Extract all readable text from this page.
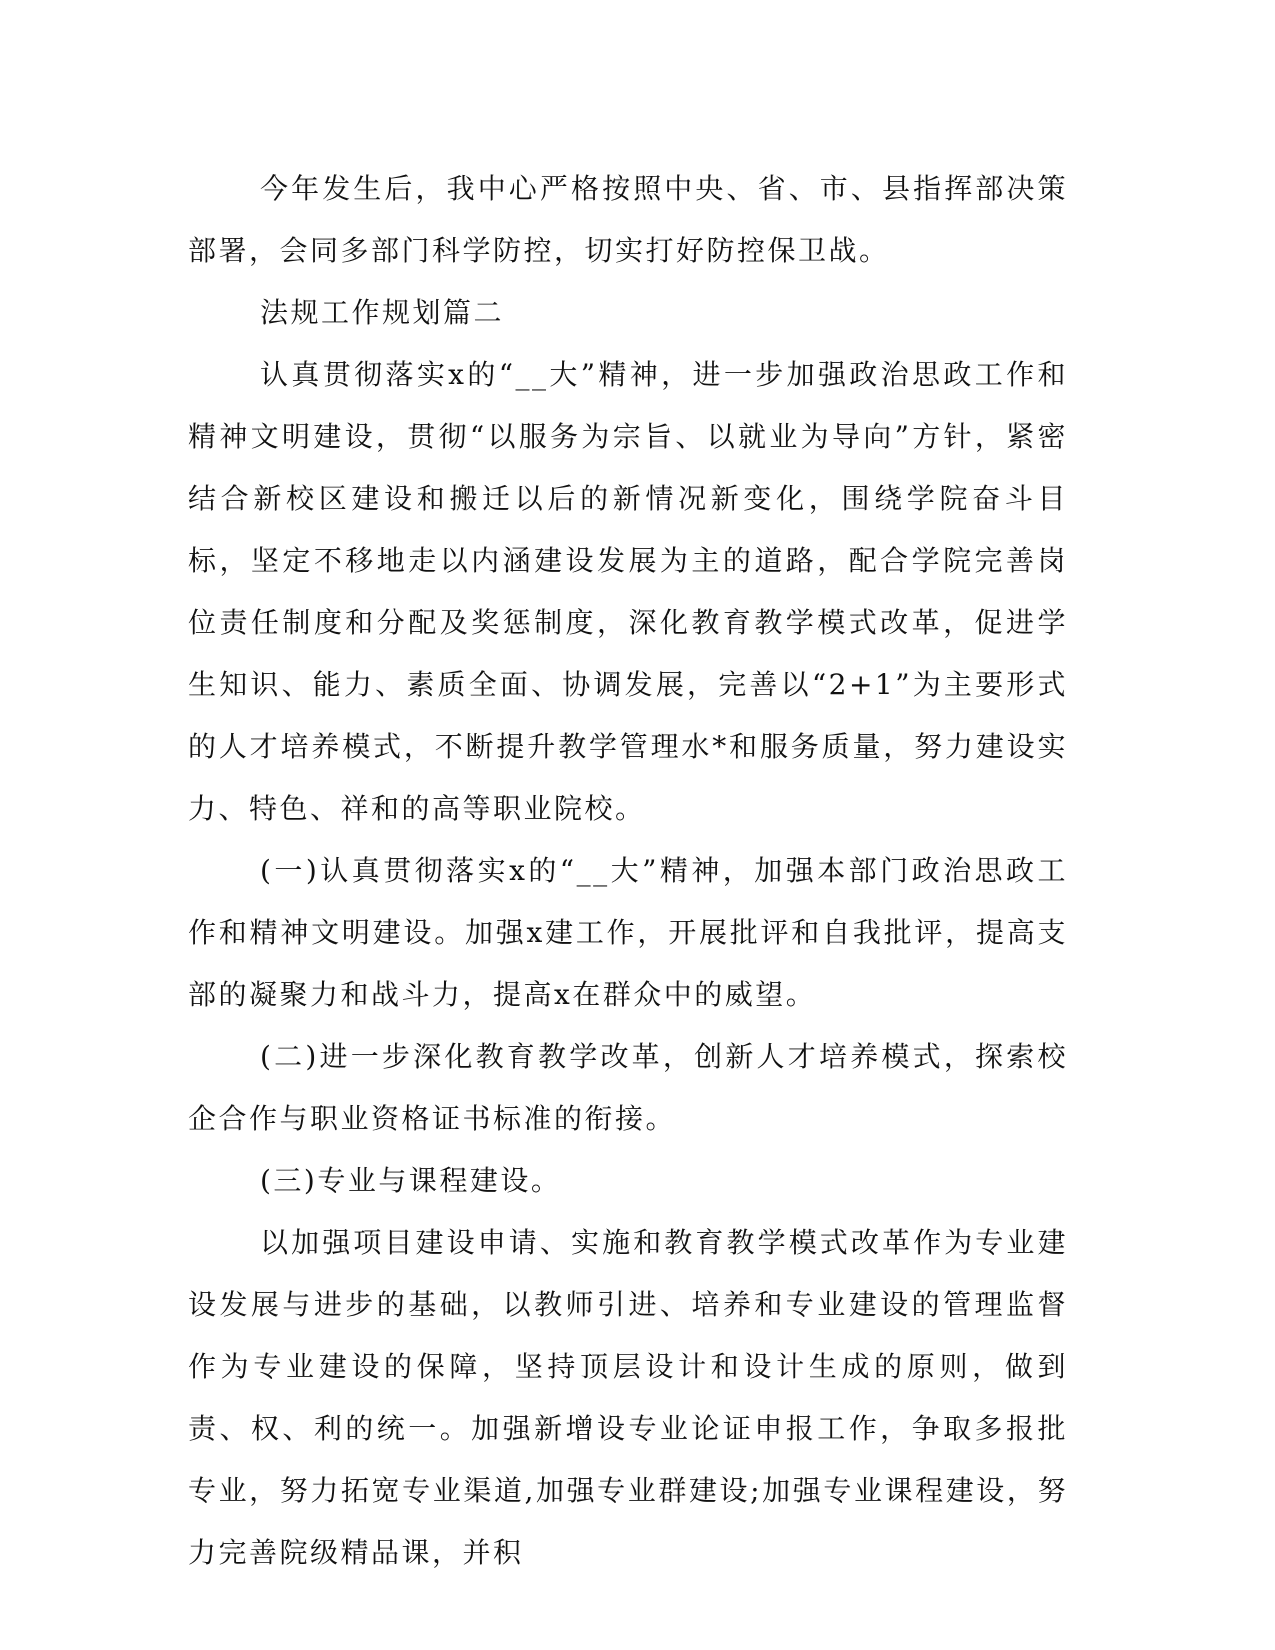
今年发生后，我中心严格按照中央、省、市、县指挥部决策部署，会同多部门科学防控，切实打好防控保卫战。

法规工作规划篇二

认真贯彻落实x的“__大”精神，进一步加强政治思政工作和精神文明建设，贯彻“以服务为宗旨、以就业为导向”方针，紧密结合新校区建设和搬迁以后的新情况新变化，围绕学院奋斗目标，坚定不移地走以内涵建设发展为主的道路，配合学院完善岗位责任制度和分配及奖惩制度，深化教育教学模式改革，促进学生知识、能力、素质全面、协调发展，完善以“2+1”为主要形式的人才培养模式，不断提升教学管理水*和服务质量，努力建设实力、特色、祥和的高等职业院校。

(一)认真贯彻落实x的“__大”精神，加强本部门政治思政工作和精神文明建设。加强x建工作，开展批评和自我批评，提高支部的凝聚力和战斗力，提高x在群众中的威望。

(二)进一步深化教育教学改革，创新人才培养模式，探索校企合作与职业资格证书标准的衔接。

(三)专业与课程建设。

以加强项目建设申请、实施和教育教学模式改革作为专业建设发展与进步的基础，以教师引进、培养和专业建设的管理监督作为专业建设的保障，坚持顶层设计和设计生成的原则，做到责、权、利的统一。加强新增设专业论证申报工作，争取多报批专业，努力拓宽专业渠道,加强专业群建设;加强专业课程建设，努力完善院级精品课，并积
